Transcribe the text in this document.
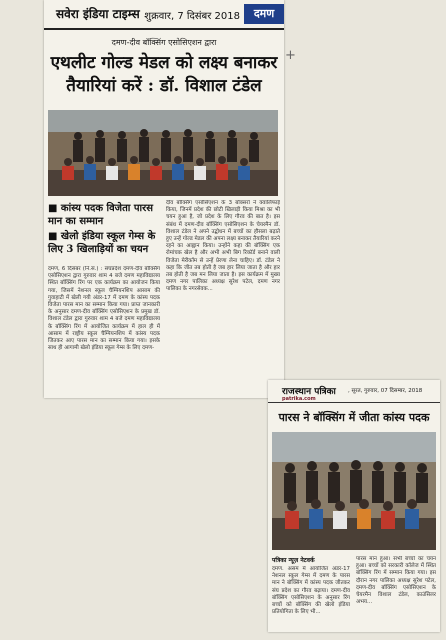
सवेरा इंडिया टाइम्स शुक्रवार, 7 दिसंबर 2018	दमण
दमण-दीव बॉक्सिंग एसोसिएशन द्वारा
एथलीट गोल्ड मेडल को लक्ष्य बनाकर तैयारियां करें : डॉ. विशाल टंडेल
■ कांस्य पदक विजेता पारस मान का सम्मान
■ खेलो इंडिया स्कूल गेम्स के लिए 3 खिलाड़ियों का चयन
दमण, 6 दिसंबर (नि.सं.) : संघप्रदेश दमण-दीव बॉक्सिंग एसोसिएशन द्वारा गुरुवार शाम 4 बजे दमण महाविद्यालय स्थित बॉक्सिंग रिंग पर एक कार्यक्रम का आयोजन किया गया, जिसमें नेशनल स्कूल चैम्पियनशिप आसाम की गुवाहाटी में खेली गयी अंडर-17 में दमण के कांस्य पदक विजेता पारस मान का सम्मान किया गया। प्राप्त जानकारी के अनुसार दमण-दीव बॉक्सिंग एसोसिएशन के प्रमुख डॉ. विशाल टंडेल द्वारा गुरुवार शाम 4 बजे दमण महाविद्यालय के बॉक्सिंग रिंग में आयोजित कार्यक्रम में हाल ही में आसाम में राष्ट्रीय स्कूल चैम्पियनशिप में कांस्य पदक जितकर आए पारस मान का सम्मान किया गया। इसके साथ ही आगामी खेलो इंडिया स्कूल गेम्स के लिए दमण-
दीव बॉक्सिंग एसोसिएशन के 3 बॉक्सरों ने क्वालिफाई किया, जिनमें प्रदेश की छोटी खिलाड़ी किया मिश्रा का भी चयन हुआ है, जो प्रदेश के लिए गौरव की बात है। इस संबंध में दमण-दीव बॉक्सिंग एसोसिएशन के चेयरमैन डॉ. विशाल टंडेल ने अपने उद्बोधन में बच्चों का हौसला बढ़ाते हुए उन्हें गोल्ड मेडल की अपना लक्ष्य बनाकर तैयारियां करने रहने का आह्वान किया। उन्होंने कहा की बॉक्सिंग एक रोमांचक खेल है और अभी अभी बिग रिकॉर्ड बनाने वाली विजेता मेरीकॉम से उन्हें प्रेरणा लेना चाहिए। डॉ. टंडेल ने कहा कि जीत तब होती है जब हार लिया जाता है और हार तब होती है जब मन लिया जाता है। इस कार्यक्रम में मुख्य दमण नगर पालिका अध्यक्ष सुरेश पटेल, दमण नगर पालिका के नगरसेवक...
+
राजस्थान पत्रिका , सूरत, गुरुवार, 07 दिसम्बर, 2018
patrika.com
पारस ने बॉक्सिंग में जीता कांस्य पदक
पत्रिका न्यूज़ नेटवर्क
दमण. असम में आयोजित अंडर-17 नेशनल स्कूल गेम्स में दमण के पारस मान ने बॉक्सिंग में कांस्य पदक जीतकर संघ प्रदेश का गौरव बढ़ाया। दमण-दीव बॉक्सिंग एसोसिएशन के अनुसार रिंग बच्चों को बॉक्सिंग की खेलो इंडिया प्रतियोगिता के लिए भी...
पारस मान हुआ। सभी बच्चों का चयन हुआ। बच्चों को सरकारी कॉलेज में स्थित बॉक्सिंग रिंग में सम्मान किया गया। इस दौरान नगर पालिका अध्यक्ष सुरेश पटेल, दमण-दीव बॉक्सिंग एसोसिएशन के चेयरमैन विशाल टंडेल, काउंसिलर अभय...
